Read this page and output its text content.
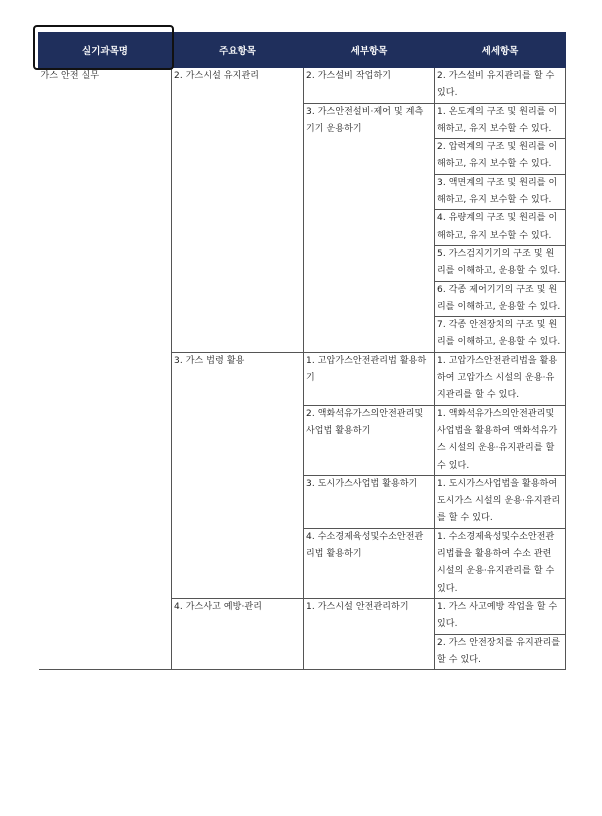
실기과목명	주요항목	세부항목	세세항목
가스 안전 실무	2. 가스시설 유지관리	2. 가스설비 작업하기	2. 가스설비 유지관리를 할 수 있다.
		3. 가스안전설비·제어 및 계측기기 운용하기	1. 온도계의 구조 및 원리를 이해하고, 유지 보수할 수 있다.
			2. 압력계의 구조 및 원리를 이해하고, 유지 보수할 수 있다.
			3. 액면계의 구조 및 원리를 이해하고, 유지 보수할 수 있다.
			4. 유량계의 구조 및 원리를 이해하고, 유지 보수할 수 있다.
			5. 가스검지기기의 구조 및 원리를 이해하고, 운용할 수 있다.
			6. 각종 제어기기의 구조 및 원리를 이해하고, 운용할 수 있다.
			7. 각종 안전장치의 구조 및 원리를 이해하고, 운용할 수 있다.
	3. 가스 법령 활용	1. 고압가스안전관리법 활용하기	1. 고압가스안전관리법을 활용하여 고압가스 시설의 운용·유지관리를 할 수 있다.
		2. 액화석유가스의안전관리및사업법 활용하기	1. 액화석유가스의안전관리및사업법을 활용하여 액화석유가스 시설의 운용·유지관리를 할 수 있다.
		3. 도시가스사업법 활용하기	1. 도시가스사업법을 활용하여 도시가스 시설의 운용·유지관리를 할 수 있다.
		4. 수소경제육성및수소안전관리법 활용하기	1. 수소경제육성및수소안전관리법률을 활용하여 수소 관련 시설의 운용·유지관리를 할 수 있다.
	4. 가스사고 예방·관리	1. 가스시설 안전관리하기	1. 가스 사고예방 작업을 할 수 있다.
			2. 가스 안전장치를 유지관리를 할 수 있다.
